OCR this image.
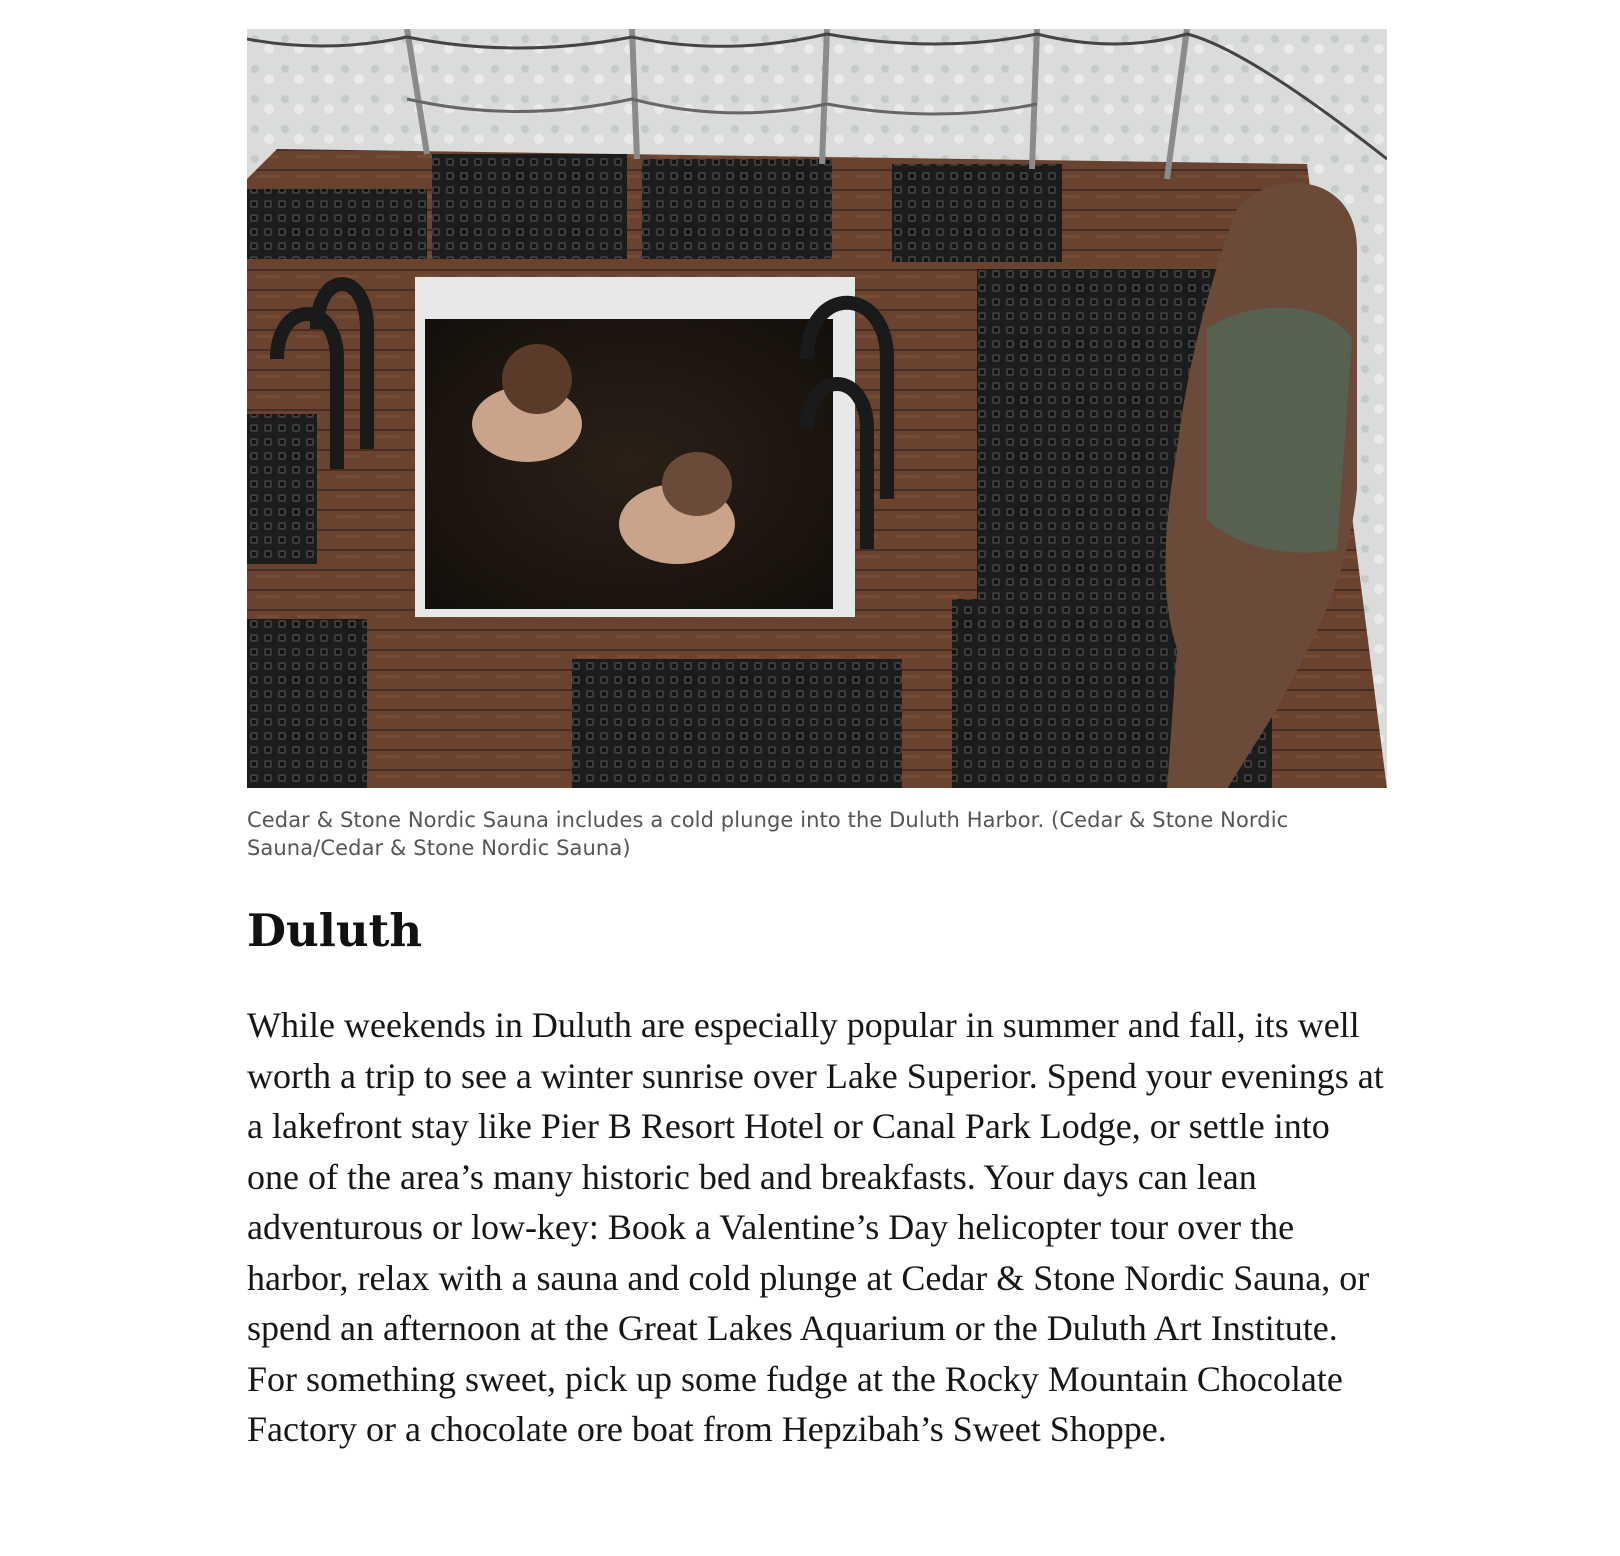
Cedar & Stone Nordic Sauna includes a cold plunge into the Duluth Harbor. (Cedar & Stone Nordic Sauna/Cedar & Stone Nordic Sauna)
Duluth

While weekends in Duluth are especially popular in summer and fall, its well worth a trip to see a winter sunrise over Lake Superior. Spend your evenings at a lakefront stay like Pier B Resort Hotel or Canal Park Lodge, or settle into one of the area’s many historic bed and breakfasts. Your days can lean adventurous or low-key: Book a Valentine’s Day helicopter tour over the harbor, relax with a sauna and cold plunge at Cedar & Stone Nordic Sauna, or spend an afternoon at the Great Lakes Aquarium or the Duluth Art Institute. For something sweet, pick up some fudge at the Rocky Mountain Chocolate Factory or a chocolate ore boat from Hepzibah’s Sweet Shoppe.
